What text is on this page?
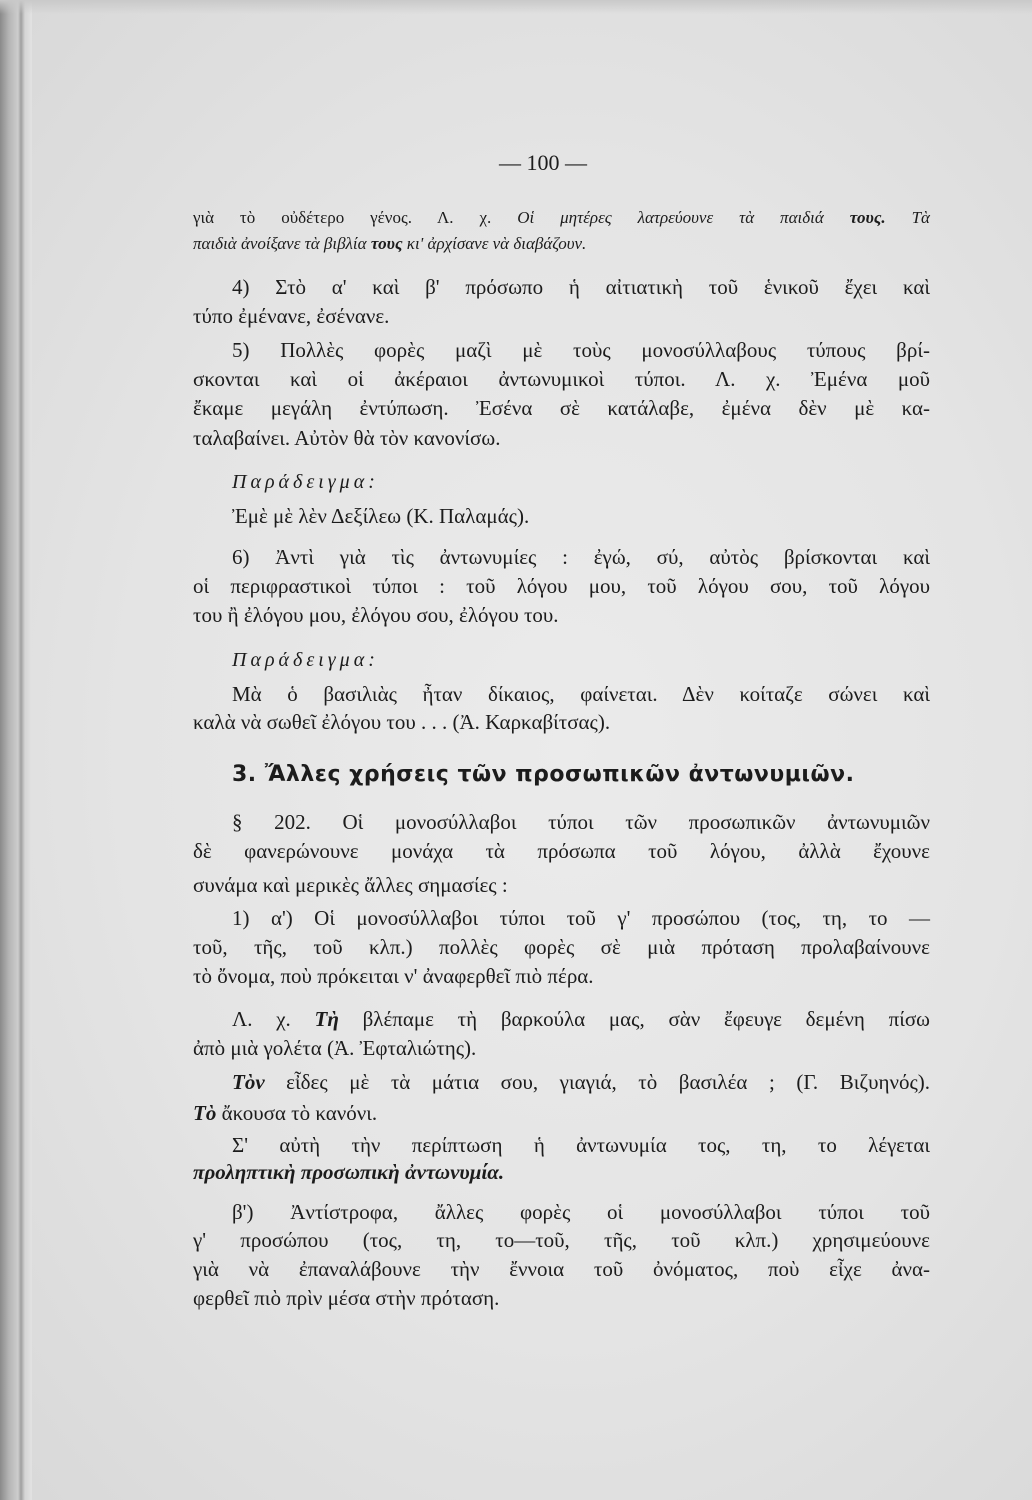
— 100 —
γιὰ τὸ οὐδέτερο γένος. Λ. χ. Οἱ μητέρες λατρεύουνε τὰ παιδιά τους. Τὰ
παιδιὰ ἀνοίξανε τὰ βιβλία τους κι' ἀρχίσανε νὰ διαβάζουν.
4) Στὸ α' καὶ β' πρόσωπο ἡ αἰτιατικὴ τοῦ ἑνικοῦ ἔχει καὶ
τύπο ἐμένανε, ἐσένανε.
5) Πολλὲς φορὲς μαζὶ μὲ τοὺς μονοσύλλαβους τύπους βρί-
σκονται καὶ οἱ ἀκέραιοι ἀντωνυμικοὶ τύποι. Λ. χ. Ἐμένα μοῦ
ἔκαμε μεγάλη ἐντύπωση. Ἐσένα σὲ κατάλαβε, ἐμένα δὲν μὲ κα-
ταλαβαίνει. Αὐτὸν θὰ τὸν κανονίσω.
Παράδειγμα:
Ἐμὲ μὲ λὲν Δεξίλεω (Κ. Παλαμάς).
6) Ἀντὶ γιὰ τὶς ἀντωνυμίες : ἐγώ, σύ, αὐτὸς βρίσκονται καὶ
οἱ περιφραστικοὶ τύποι : τοῦ λόγου μου, τοῦ λόγου σου, τοῦ λόγου
του ἢ ἐλόγου μου, ἐλόγου σου, ἐλόγου του.
Παράδειγμα:
Μὰ ὁ βασιλιὰς ἦταν δίκαιος, φαίνεται. Δὲν κοίταζε σώνει καὶ
καλὰ νὰ σωθεῖ ἐλόγου του . . . (Ἀ. Καρκαβίτσας).
3. Ἄλλες χρήσεις τῶν προσωπικῶν ἀντωνυμιῶν.
§ 202. Οἱ μονοσύλλαβοι τύποι τῶν προσωπικῶν ἀντωνυμιῶν
δὲ φανερώνουνε μονάχα τὰ πρόσωπα τοῦ λόγου, ἀλλὰ ἔχουνε
συνάμα καὶ μερικὲς ἄλλες σημασίες :
1) α') Οἱ μονοσύλλαβοι τύποι τοῦ γ' προσώπου (τος, τη, το —
τοῦ, τῆς, τοῦ κλπ.) πολλὲς φορὲς σὲ μιὰ πρόταση προλαβαίνουνε
τὸ ὄνομα, ποὺ πρόκειται ν' ἀναφερθεῖ πιὸ πέρα.
Λ. χ. Τὴ βλέπαμε τὴ βαρκούλα μας, σὰν ἔφευγε δεμένη πίσω
ἀπὸ μιὰ γολέτα (Ἀ. Ἐφταλιώτης).
Τὸν εἶδες μὲ τὰ μάτια σου, γιαγιά, τὸ βασιλέα ; (Γ. Βιζυηνός).
Τὸ ἄκουσα τὸ κανόνι.
Σ' αὐτὴ τὴν περίπτωση ἡ ἀντωνυμία τος, τη, το λέγεται
προληπτικὴ προσωπικὴ ἀντωνυμία.
β') Ἀντίστροφα, ἄλλες φορὲς οἱ μονοσύλλαβοι τύποι τοῦ
γ' προσώπου (τος, τη, το—τοῦ, τῆς, τοῦ κλπ.) χρησιμεύουνε
γιὰ νὰ ἐπαναλάβουνε τὴν ἔννοια τοῦ ὀνόματος, ποὺ εἶχε ἀνα-
φερθεῖ πιὸ πρὶν μέσα στὴν πρόταση.
